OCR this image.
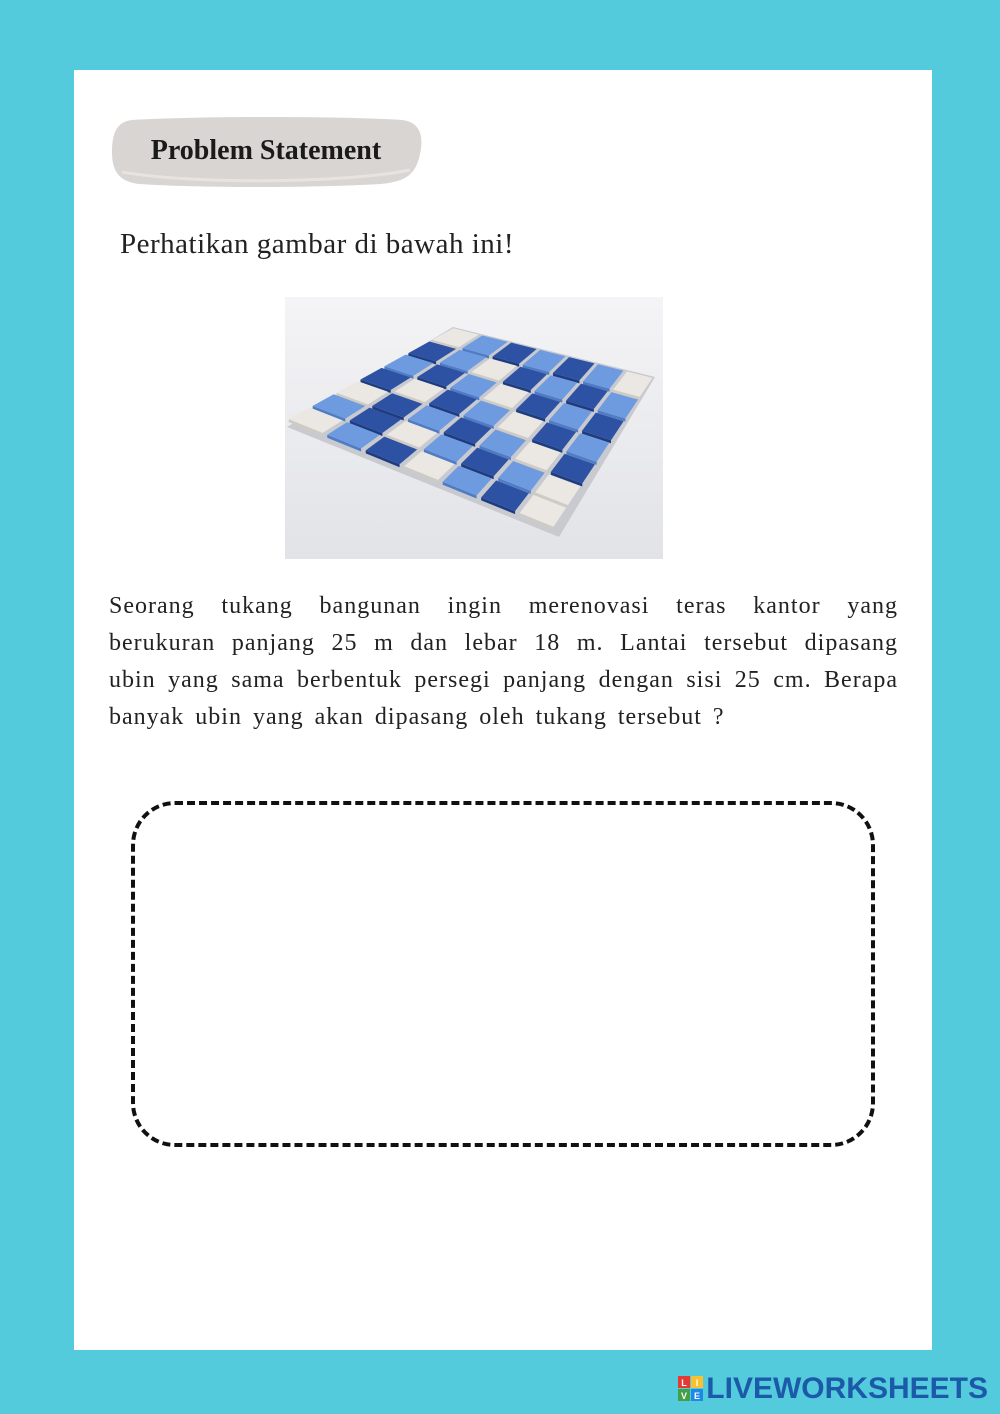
Problem Statement
Perhatikan gambar di bawah ini!
Seorang tukang bangunan ingin merenovasi teras kantor yang berukuran panjang 25 m dan lebar 18 m. Lantai tersebut dipasang ubin yang sama berbentuk persegi panjang dengan sisi 25 cm. Berapa banyak ubin yang akan dipasang oleh tukang tersebut ?
L I
V E LIVEWORKSHEETS
